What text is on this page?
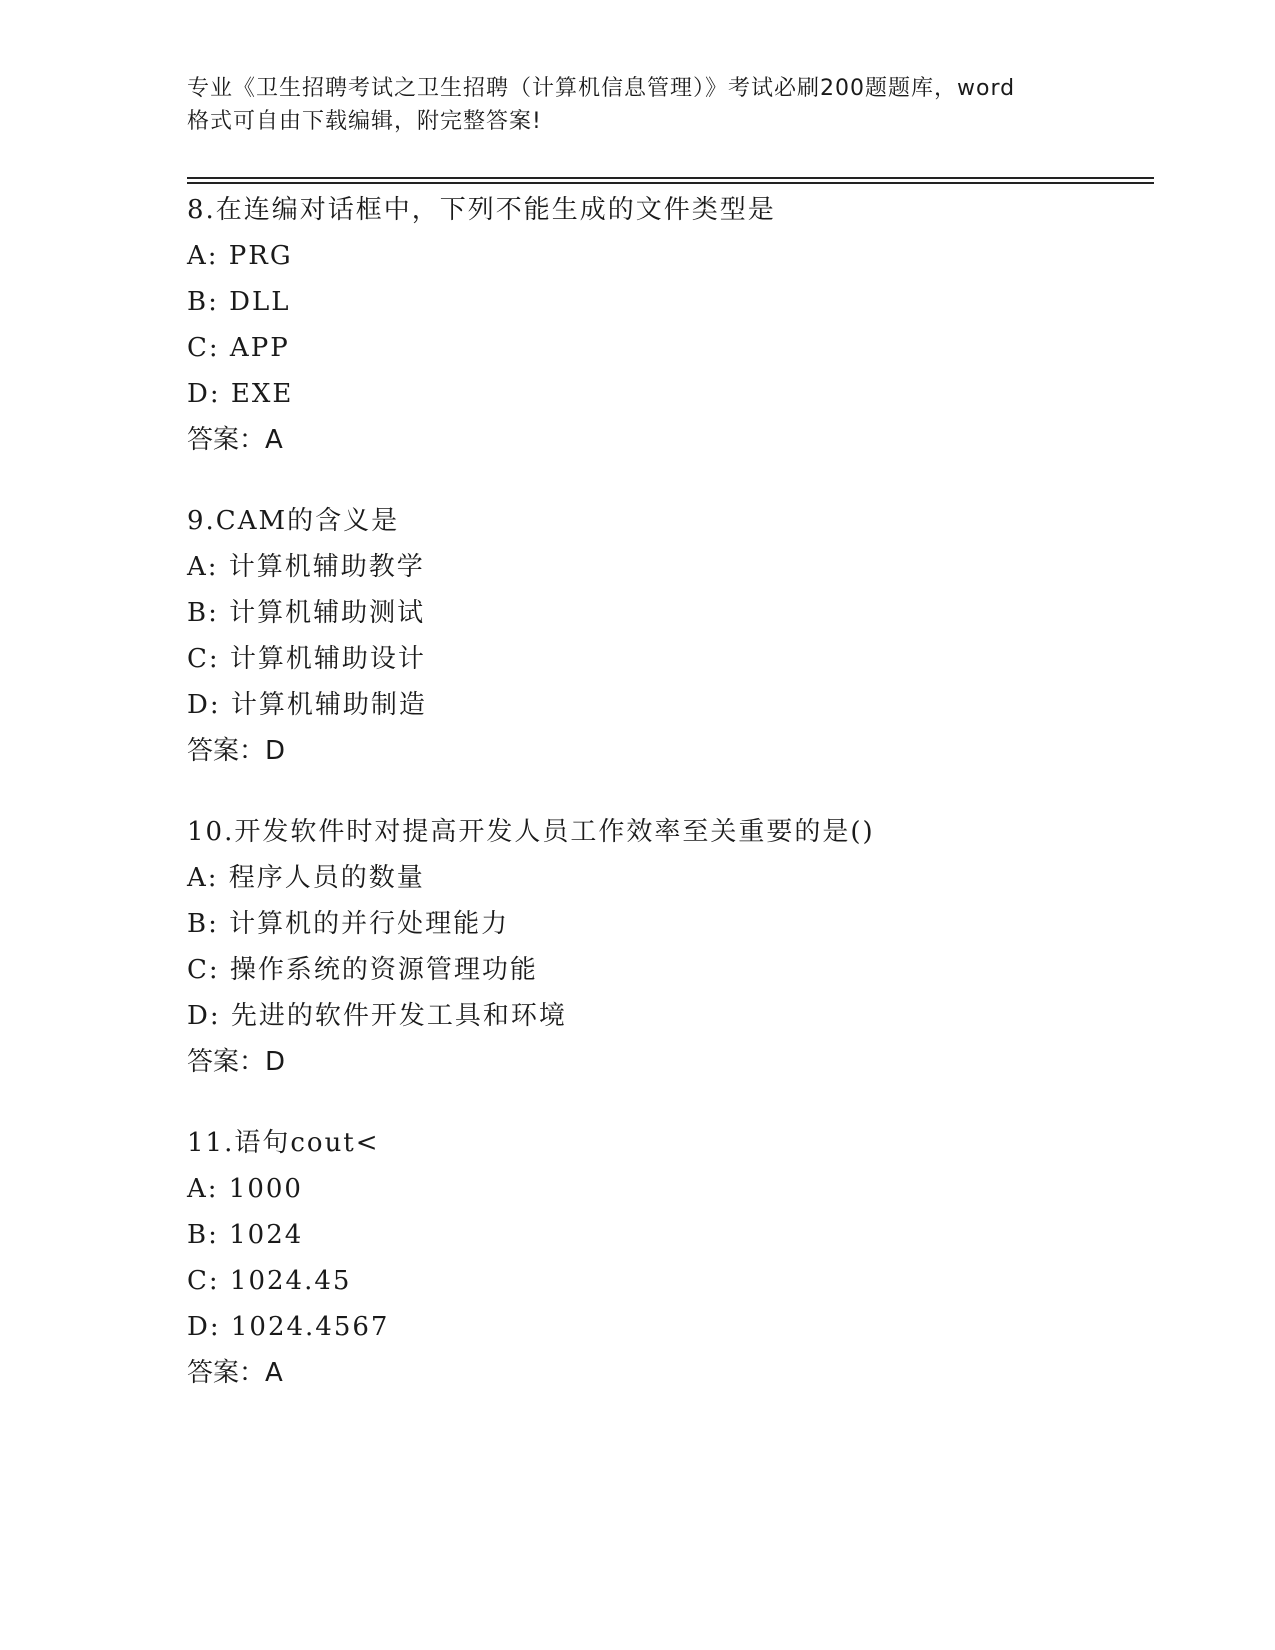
专业《卫生招聘考试之卫生招聘（计算机信息管理）》考试必刷200题题库，word
格式可自由下载编辑，附完整答案!
8.在连编对话框中，下列不能生成的文件类型是
A: PRG
B: DLL
C: APP
D: EXE
答案：A
9.CAM的含义是
A: 计算机辅助教学
B: 计算机辅助测试
C: 计算机辅助设计
D: 计算机辅助制造
答案：D
10.开发软件时对提高开发人员工作效率至关重要的是()
A: 程序人员的数量
B: 计算机的并行处理能力
C: 操作系统的资源管理功能
D: 先进的软件开发工具和环境
答案：D
11.语句cout<
A: 1000
B: 1024
C: 1024.45
D: 1024.4567
答案：A
